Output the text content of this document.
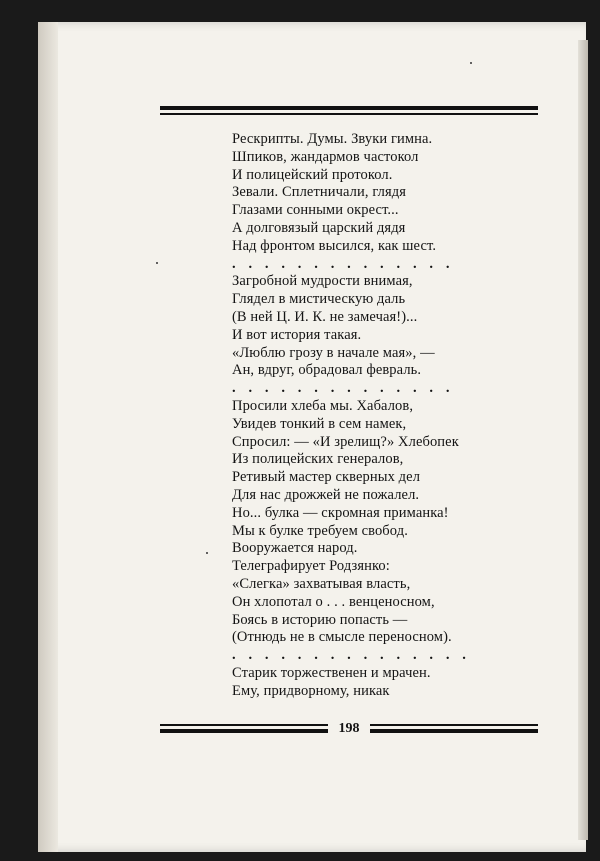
Рескрипты. Думы. Звуки гимна.
Шпиков, жандармов частокол
И полицейский протокол.
Зевали. Сплетничали, глядя
Глазами сонными окрест...
А долговязый царский дядя
Над фронтом высился, как шест.
. . . . . . . . . . . . . .
Загробной мудрости внимая,
Глядел в мистическую даль
(В ней Ц. И. К. не замечая!)...
И вот история такая.
«Люблю грозу в начале мая», —
Ан, вдруг, обрадовал февраль.
. . . . . . . . . . . . . .
Просили хлеба мы. Хабалов,
Увидев тонкий в сем намек,
Спросил: — «И зрелищ?» Хлебопек
Из полицейских генералов,
Ретивый мастер скверных дел
Для нас дрожжей не пожалел.
Но... булка — скромная приманка!
Мы к булке требуем свобод.
Вооружается народ.
Телеграфирует Родзянко:
«Слегка» захватывая власть,
Он хлопотал о . . . венценосном,
Боясь в историю попасть —
(Отнюдь не в смысле переносном).
. . . . . . . . . . . . . . .
Старик торжественен и мрачен.
Ему, придворному, никак
198
